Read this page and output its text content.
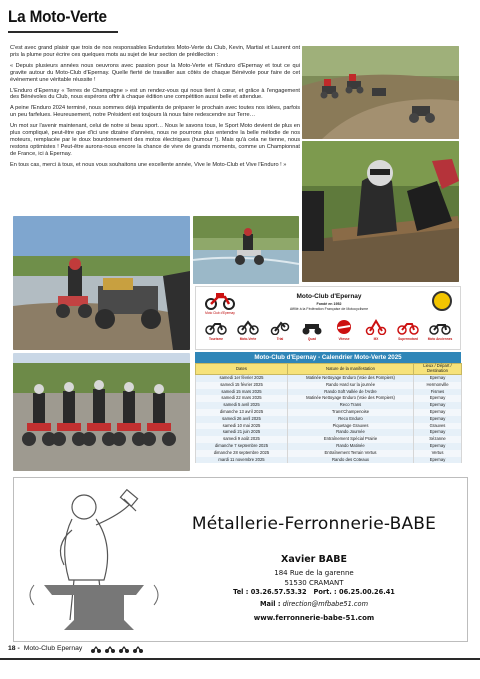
La Moto-Verte

C'est avec grand plaisir que trois de nos responsables Enduristes Moto-Verte du Club, Kevin, Martial et Laurent ont pris la plume pour écrire ces quelques mots au sujet de leur section de prédilection :

« Depuis plusieurs années nous oeuvrons avec passion pour la Moto-Verte et l'Enduro d'Epernay et tout ce qui gravite autour du Moto-Club d'Epernay. Quelle fierté de travailler aux côtés de chaque Bénévole pour faire de cet événement une véritable réussite !

L'Enduro d'Epernay « Terres de Champagne » est un rendez-vous qui nous tient à cœur, et grâce à l'engagement des Bénévoles du Club, nous espérons offrir à chaque édition une compétition aussi belle et attendue.

A peine l'Enduro 2024 terminé, nous sommes déjà impatients de préparer le prochain avec toutes nos idées, parfois un peu farfelues. Heureusement, notre Président est toujours là nous faire redescendre sur Terre…

Un mot sur l'avenir maintenant, celui de notre si beau sport… Nous le savons tous, le Sport Moto devient de plus en plus compliqué, peut-être que d'ici une dizaine d'années, nous ne pourrons plus entendre la belle mélodie de nos moteurs, remplacée par le doux bourdonnement des motos électriques (humour !). Mais qu'à cela ne tienne, nous restons optimistes ! Peut-être aurons-nous encore la chance de vivre de grands moments, comme un Championnat de France, ici à Epernay.

En tous cas, merci à tous, et nous vous souhaitons une excellente année, Vive le Moto-Club et Vive l'Enduro ! »

Moto Club d'Epernay
Moto-Club d'Epernay
Fondé en 1952
Affilié à la Fédération Française de Motocyclisme
Tourisme	Moto-Verte	Trial	Quad	Vitesse	MX	Supermotard	Moto Anciennes
Moto-Club d'Epernay - Calendrier Moto-Verte 2025
Dates	Nature de la manifestation	Lieux / Départ / Destination
samedi 1er février 2025	Matinée Nettoyage Enduro (Voie des Pompiers)	Epernay
samedi 15 février 2025	Rando Hard sur la journée	Hermonville
samedi 15 mars 2025	Rando Soft Vallée de l'Ardre	Fismes
samedi 22 mars 2025	Matinée Nettoyage Enduro (Voie des Pompiers)	Epernay
samedi 5 avril 2025	Reco Trans	Epernay
dimanche 13 avril 2025	Trans'Champenoise	Epernay
samedi 26 avril 2025	Reco Enduro	Epernay
samedi 10 mai 2025	Piquetage Grauves	Grauves
samedi 21 juin 2025	Rando Journée	Epernay
samedi 9 août 2025	Entraînement Spécial Prairie	Sézanne
dimanche 7 septembre 2025	Rando Matinée	Epernay
dimanche 28 septembre 2025	Entraînement Terrain Vertus	Vertus
mardi 11 novembre 2025	Rando des Coteaux	Epernay
Métallerie-Ferronnerie-BABE
Xavier BABE
184 Rue de la garenne
51530 CRAMANT
Tel : 03.26.57.53.32 Port. : 06.25.00.26.41
Mail : direction@mfbabe51.com
www.ferronnerie-babe-51.com
18 - Moto-Club Epernay
